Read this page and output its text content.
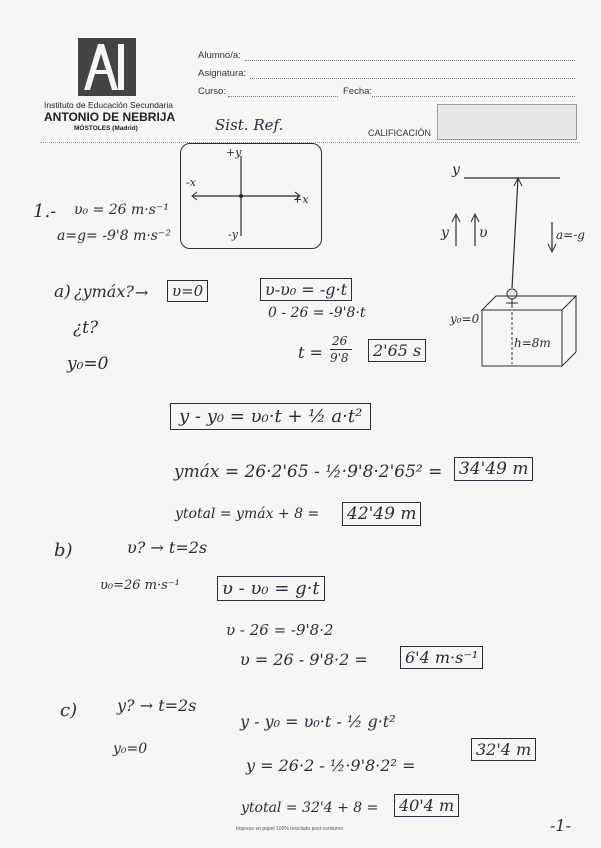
Instituto de Educación Secundaria
ANTONIO DE NEBRIJA
MÓSTOLES (Madrid)
Alumno/a:
Asignatura:
Curso:	Fecha:
CALIFICACIÓN
Sist. Ref.
+y
-x
+x
-y
y
y υ	a=-g
y₀=0
h=8m
1.- υ₀ = 26 m·s⁻¹
a=g= -9'8 m·s⁻²
a) ¿ymáx? →	υ=0
¿t?
y₀=0
υ-υ₀ = -g·t
0 - 26 = -9'8·t
t =
26
9'8	2'65 s
y - y₀ = υ₀·t + ½ a·t²
ymáx = 26·2'65 - ½·9'8·2'65² = 34'49 m
ytotal = ymáx + 8 = 42'49 m
b)	υ? → t=2s
υ₀=26 m·s⁻¹ υ - υ₀ = g·t
υ - 26 = -9'8·2
υ = 26 - 9'8·2 =	6'4 m·s⁻¹
c) y? → t=2s
y₀=0
y - y₀ = υ₀·t - ½ g·t²
y = 26·2 - ½·9'8·2² =
32'4 m
ytotal = 32'4 + 8 =	40'4 m
Impreso en papel 100% reciclado post-consumo	-1-
